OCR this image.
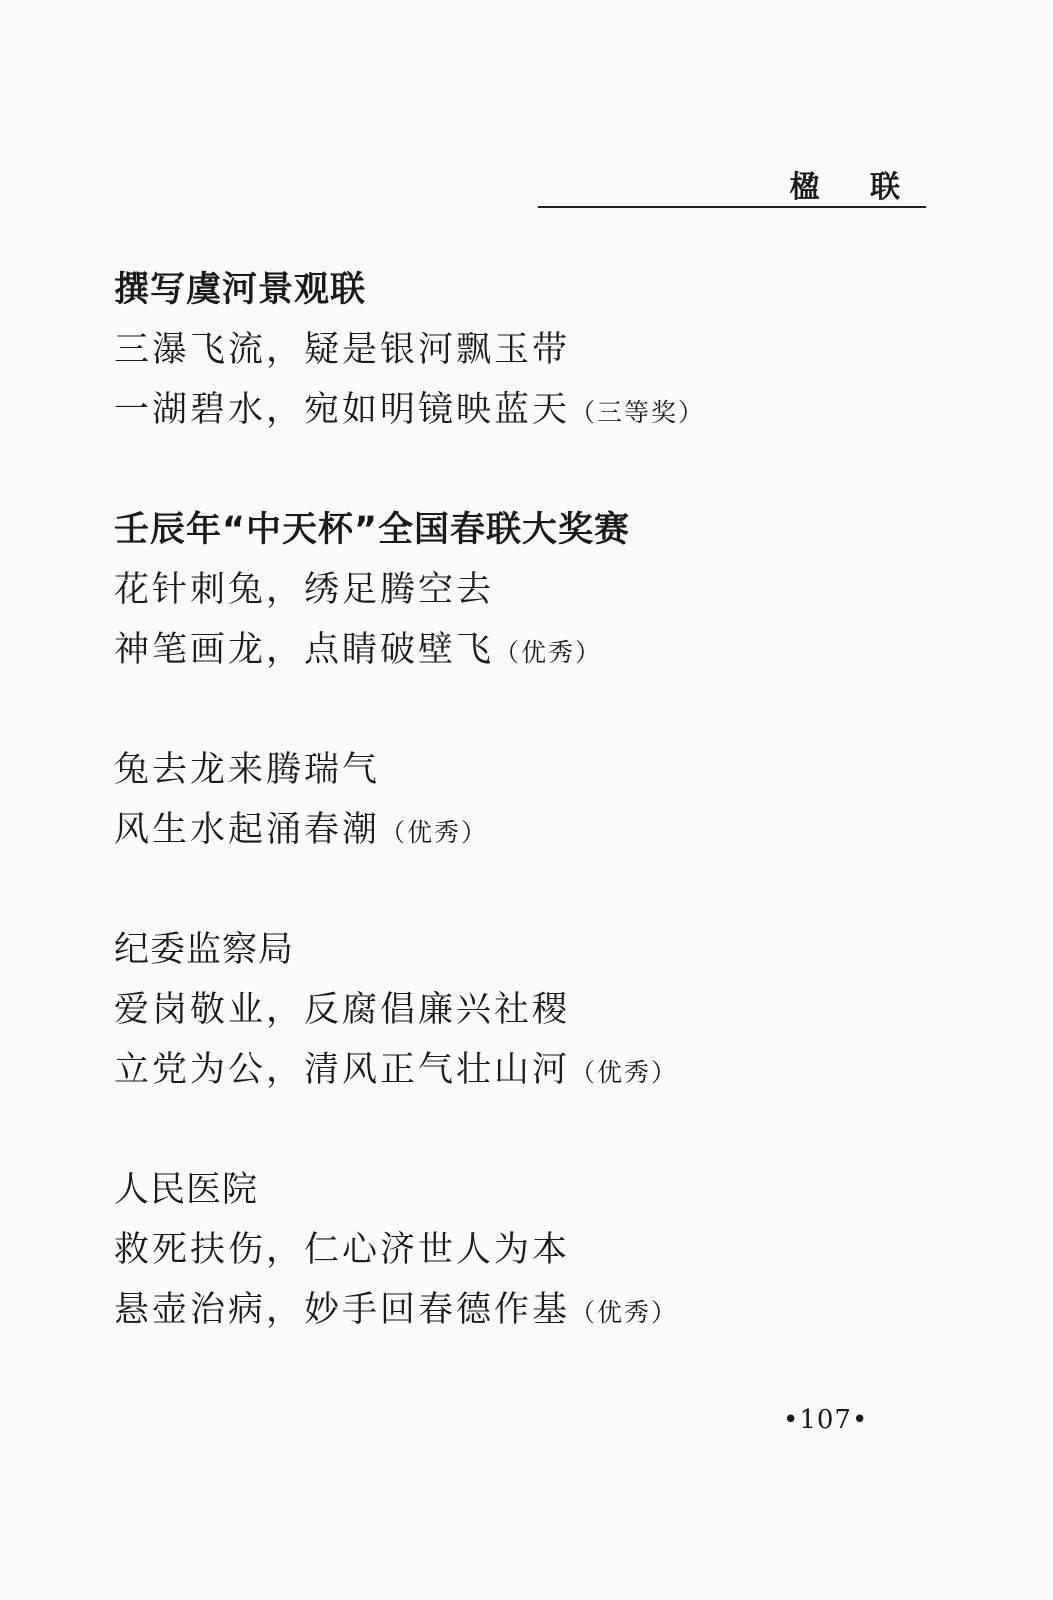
楹 联
撰写虞河景观联
三瀑飞流，疑是银河飘玉带
一湖碧水，宛如明镜映蓝天（三等奖）
壬辰年“中天杯”全国春联大奖赛
花针刺兔，绣足腾空去
神笔画龙，点睛破壁飞（优秀）
兔去龙来腾瑞气
风生水起涌春潮（优秀）
纪委监察局
爱岗敬业，反腐倡廉兴社稷
立党为公，清风正气壮山河（优秀）
人民医院
救死扶伤，仁心济世人为本
悬壶治病，妙手回春德作基（优秀）
•107•
